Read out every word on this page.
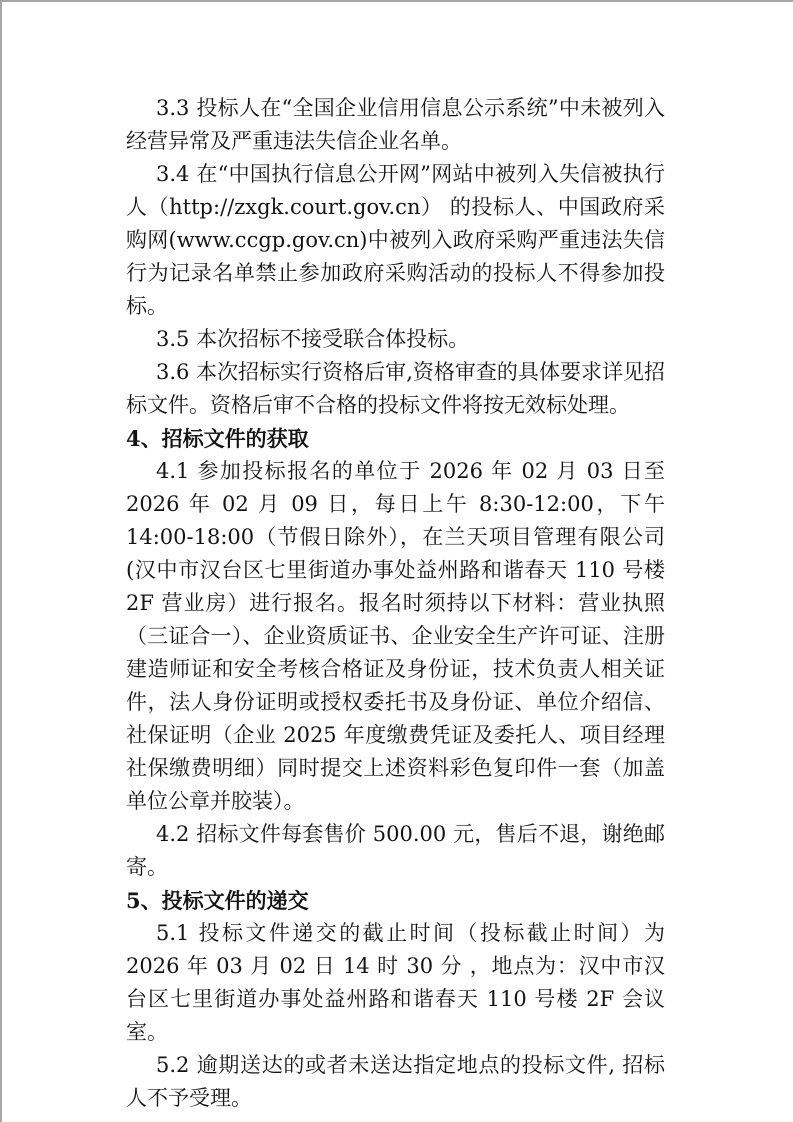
3.3 投标人在“全国企业信用信息公示系统”中未被列入经营异常及严重违法失信企业名单。

3.4 在“中国执行信息公开网”网站中被列入失信被执行人（http://zxgk.court.gov.cn） 的投标人、中国政府采购网(www.ccgp.gov.cn)中被列入政府采购严重违法失信行为记录名单禁止参加政府采购活动的投标人不得参加投标。

3.5 本次招标不接受联合体投标。

3.6 本次招标实行资格后审,资格审查的具体要求详见招标文件。资格后审不合格的投标文件将按无效标处理。

4、招标文件的获取

4.1 参加投标报名的单位于 2026 年 02 月 03 日至 2026 年 02 月 09 日，每日上午 8:30-12:00，下午 14:00-18:00（节假日除外），在兰天项目管理有限公司(汉中市汉台区七里街道办事处益州路和谐春天 110 号楼 2F 营业房）进行报名。报名时须持以下材料：营业执照（三证合一）、企业资质证书、企业安全生产许可证、注册建造师证和安全考核合格证及身份证，技术负责人相关证件，法人身份证明或授权委托书及身份证、单位介绍信、社保证明（企业 2025 年度缴费凭证及委托人、项目经理社保缴费明细）同时提交上述资料彩色复印件一套（加盖单位公章并胶装）。

4.2 招标文件每套售价 500.00 元，售后不退，谢绝邮寄。

5、投标文件的递交

5.1 投标文件递交的截止时间（投标截止时间）为 2026 年 03 月 02 日 14 时 30 分 ，地点为：汉中市汉台区七里街道办事处益州路和谐春天 110 号楼 2F 会议室。

5.2 逾期送达的或者未送达指定地点的投标文件, 招标人不予受理。
